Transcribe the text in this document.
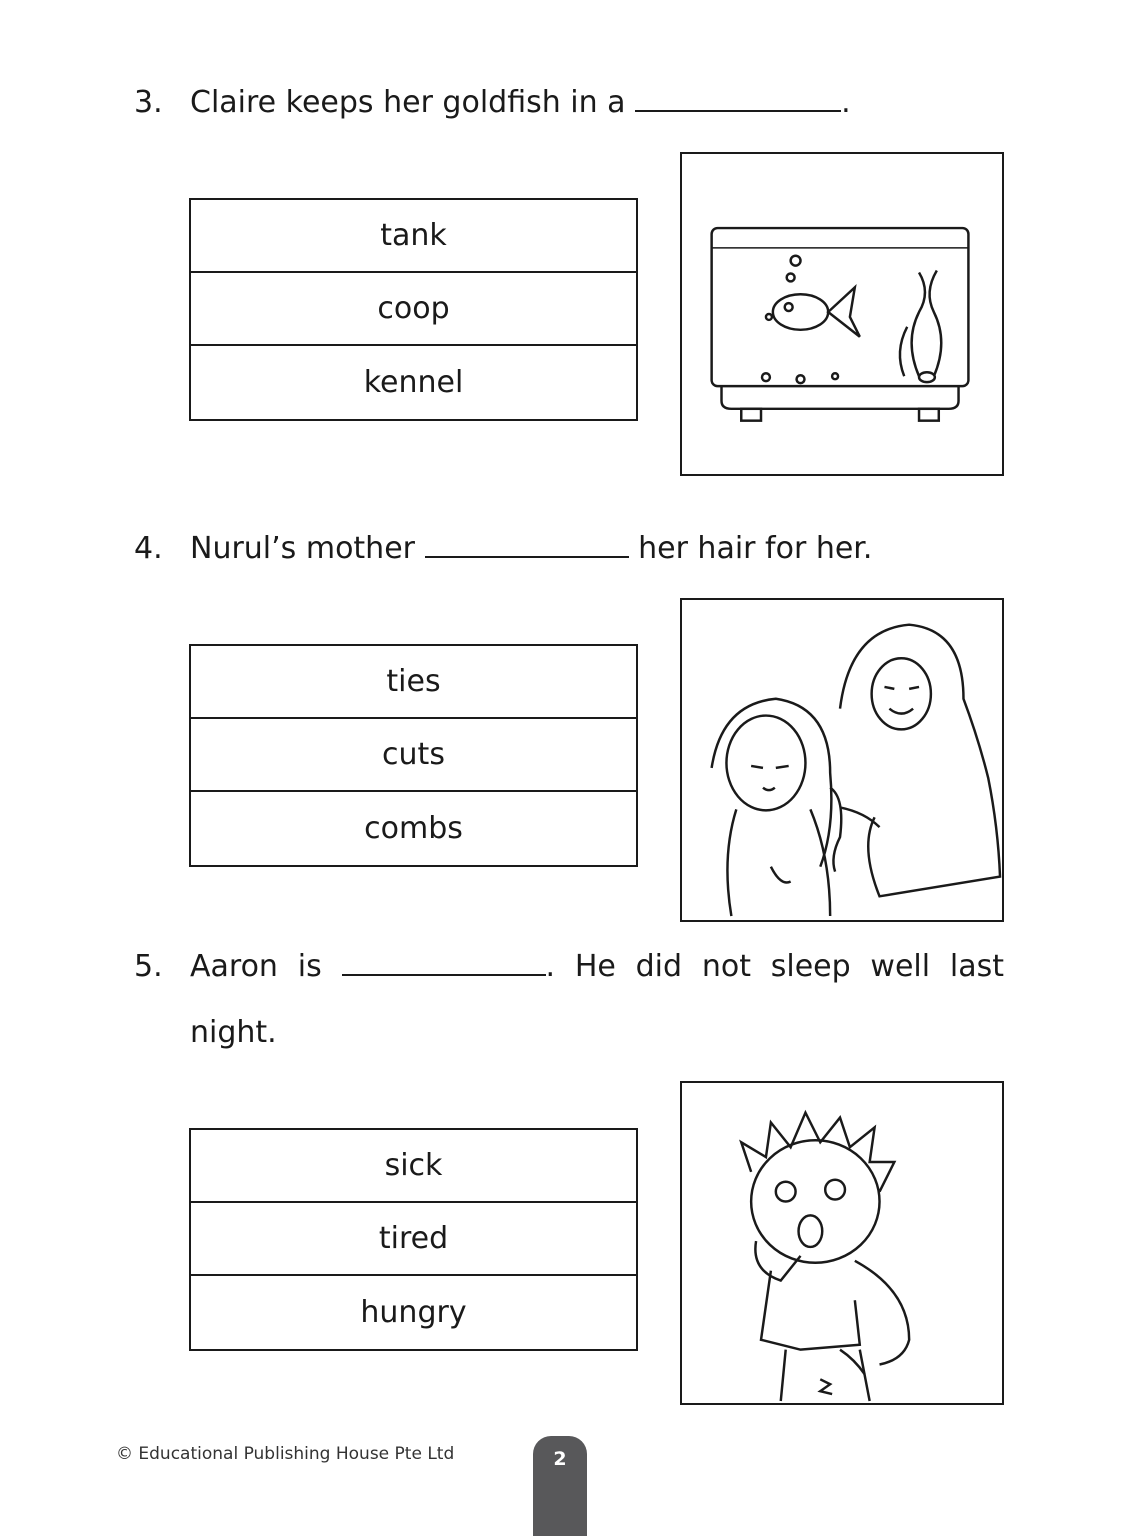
3. Claire keeps her goldfish in a	.
tank
coop
kennel
4. Nurul’s mother	her hair for her.
ties
cuts
combs
5. Aaron is	. He did not sleep well last
night.
sick
tired
hungry
© Educational Publishing House Pte Ltd	2
